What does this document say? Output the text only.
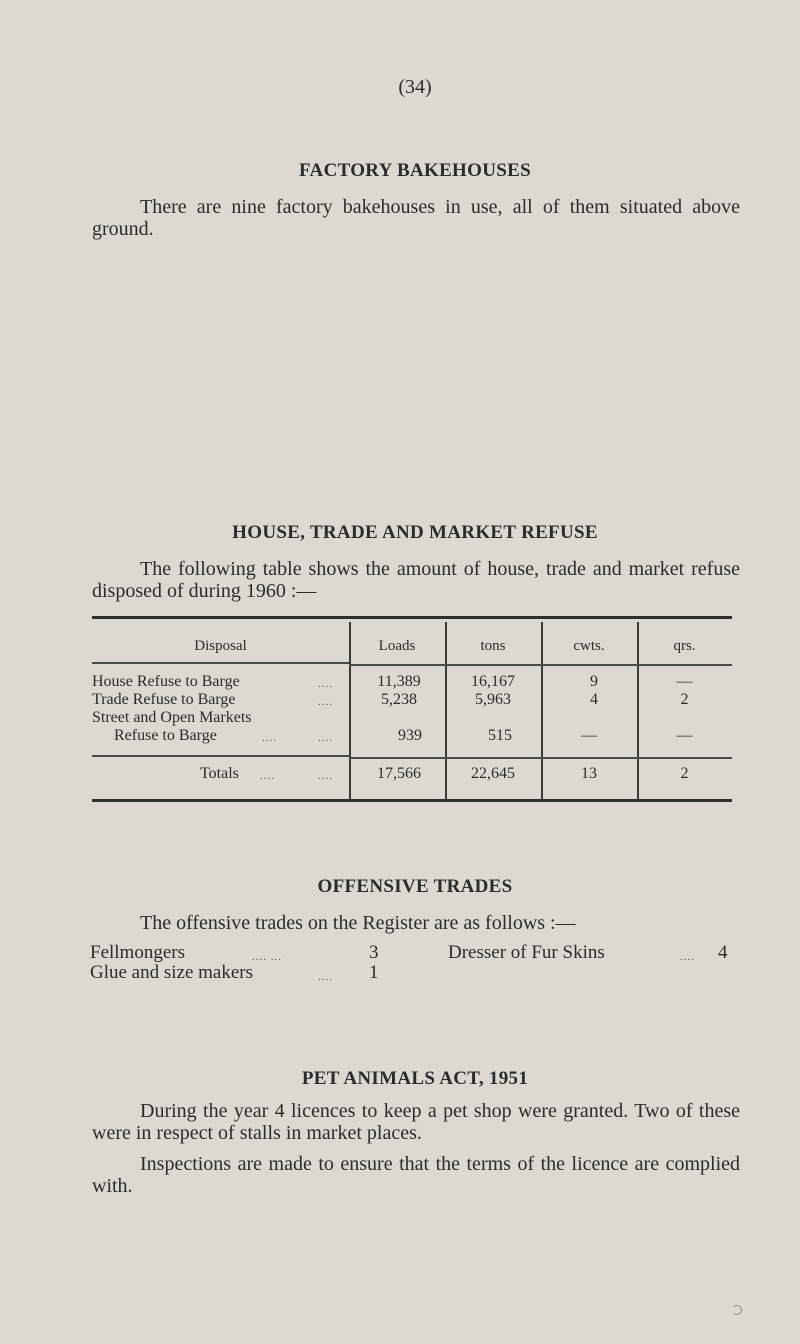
(34)
FACTORY BAKEHOUSES
There are nine factory bakehouses in use, all of them situated above ground.
HOUSE, TRADE AND MARKET REFUSE
The following table shows the amount of house, trade and market refuse disposed of during 1960 :—
Disposal	Loads	tons	cwts.	qrs.
House Refuse to Barge	....	11,389	16,167	9	—
Trade Refuse to Barge	....	5,238	5,963	4	2
Street and Open Markets
Refuse to Barge	....	....	939	515	—	—
Totals ....	....	17,566	22,645	13	2
OFFENSIVE TRADES
The offensive trades on the Register are as follows :—
Fellmongers	.... ...	3	Dresser of Fur Skins	.... 4
Glue and size makers	.... 1
PET ANIMALS ACT, 1951
During the year 4 licences to keep a pet shop were granted. Two of these were in respect of stalls in market places.
Inspections are made to ensure that the terms of the licence are complied with.
